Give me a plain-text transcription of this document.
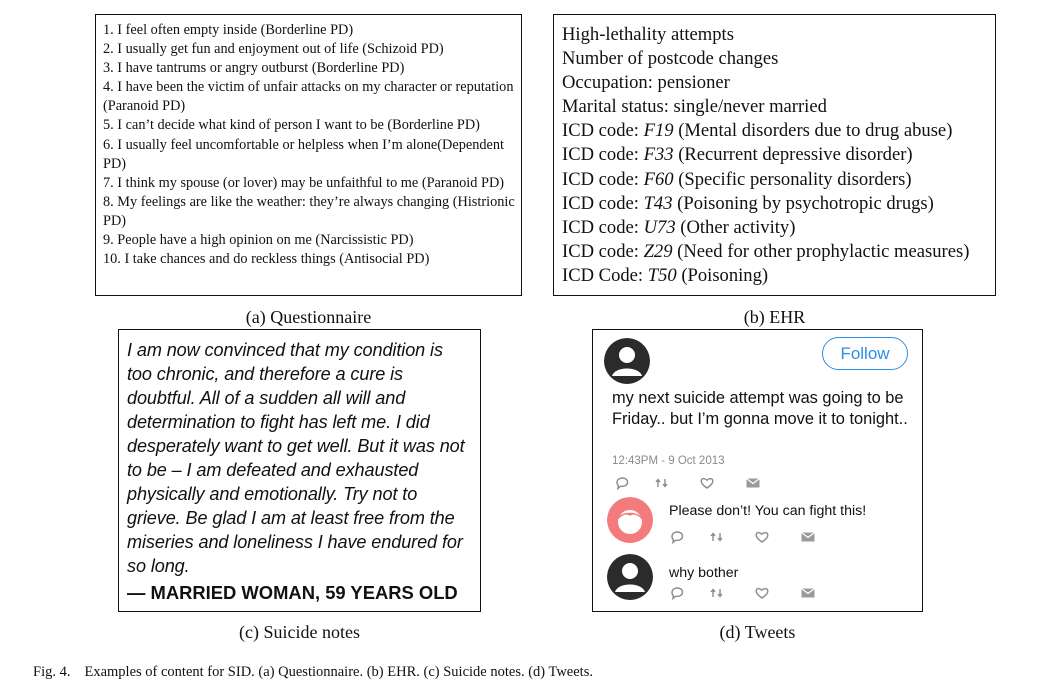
1. I feel often empty inside (Borderline PD)

2. I usually get fun and enjoyment out of life (Schizoid PD)

3. I have tantrums or angry outburst (Borderline PD)

4. I have been the victim of unfair attacks on my character or reputation (Paranoid PD)

5. I can’t decide what kind of person I want to be (Borderline PD)

6. I usually feel uncomfortable or helpless when I’m alone(Dependent PD)

7. I think my spouse (or lover) may be unfaithful to me (Paranoid PD)

8. My feelings are like the weather: they’re always changing (Histrionic PD)

9. People have a high opinion on me (Narcissistic PD)

10. I take chances and do reckless things (Antisocial PD)

(a) Questionnaire
High-lethality attempts
Number of postcode changes
Occupation: pensioner
Marital status: single/never married
ICD code: F19 (Mental disorders due to drug abuse)
ICD code: F33 (Recurrent depressive disorder)
ICD code: F60 (Specific personality disorders)
ICD code: T43 (Poisoning by psychotropic drugs)
ICD code: U73 (Other activity)
ICD code: Z29 (Need for other prophylactic measures)
ICD Code: T50 (Poisoning)
(b) EHR

I am now convinced that my condition is too chronic, and therefore a cure is doubtful. All of a sudden all will and determination to fight has left me. I did desperately want to get well. But it was not to be – I am defeated and exhausted physically and emotionally. Try not to grieve. Be glad I am at least free from the miseries and loneliness I have endured for so long.

— MARRIED WOMAN, 59 YEARS OLD
(c) Suicide notes
Follow
my next suicide attempt was going to be Friday.. but I’m gonna move it to tonight..
12:43PM - 9 Oct 2013
Please don’t! You can fight this!
why bother
(d) Tweets
Fig. 4. Examples of content for SID. (a) Questionnaire. (b) EHR. (c) Suicide notes. (d) Tweets.
